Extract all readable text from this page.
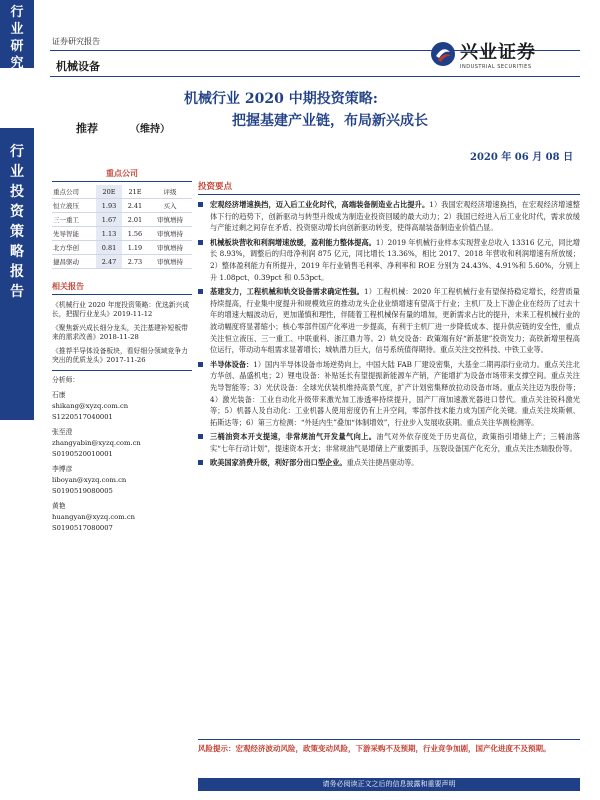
行
业
研
究
行
业
投
资
策
略
报
告
证券研究报告
机械设备
兴业证券
INDUSTRIAL SECURITIES
机械行业 2020 中期投资策略:
把握基建产业链，布局新兴成长
推荐	（维持）
2020 年 06 月 08 日
重点公司
重点公司	20E	21E	评级
恒立液压	1.93	2.41	买入
三一重工	1.67	2.01	审慎增持
先导智能	1.13	1.56	审慎增持
北方华创	0.81	1.19	审慎增持
捷昌驱动	2.47	2.73	审慎增持
相关报告

《机械行业 2020 年度投资策略：优选新兴成长，把握行业龙头》2019-11-12

《聚焦新兴成长细分龙头，关注基建补短板带来的需求改善》2018-11-28

《推荐半导体设备板块，看好细分领域竞争力突出的优质龙头》2017-11-26

分析师：
石康
shikang@xyzq.com.cn
S1220517040001
张至澄
zhangyabin@xyzq.com.cn
S0190520010001
李博彦
liboyan@xyzq.com.cn
S0190519080005
黄艳
huangyan@xyzq.com.cn
S0190517080007
投资要点
宏观经济增速换挡，迈入后工业化时代，高端装备制造业占比提升。1）我国宏观经济增速换挡，在宏观经济增速整体下行的趋势下，创新驱动与转型升级成为制造业投资回暖的最大动力；2）我国已经进入后工业化时代，需求放缓与产能过剩之间存在矛盾、投资驱动增长向创新驱动转变，使得高端装备制造业价值凸显。
机械板块营收和利润增速放缓，盈利能力整体提高。1）2019 年机械行业样本实现营业总收入 13316 亿元，同比增长 8.93%，调整后的归母净利润 875 亿元，同比增长 13.36%，相比 2017、2018 年营收和利润增速有所放缓；2）整体盈利能力有所提升，2019 年行业销售毛利率、净利率和 ROE 分别为 24.43%、4.91%和 5.60%，分别上升 1.08pct、0.39pct 和 0.53pct。
基建发力，工程机械和轨交设备需求确定性强。1）工程机械：2020 年工程机械行业有望保持稳定增长，经营质量持续提高，行业集中度提升和规模效应的推动龙头企业业绩增速有望高于行业；主机厂及上下游企业在经历了过去十年的增速大幅波动后，更加谨慎和理性，伴随着工程机械保有量的增加，更新需求占比的提升，未来工程机械行业的波动幅度将显著缩小；核心零部件国产化率进一步提高，有利于主机厂进一步降低成本、提升供应链的安全性，重点关注恒立液压、三一重工、中联重科、浙江鼎力等。2）轨交设备：政策端有好“新基建”投资发力；高铁新增里程高位运行，带动动车组需求显著增长；城轨潜力巨大，信号系统值得期待。重点关注交控科技、中铁工业等。
半导体设备：1）国内半导体设备市场逆势向上，中国大陆 FAB 厂建设密集，大基金二期再添行业动力。重点关注北方华创、晶盛机电；2）锂电设备：补贴延长有望提振新能源车产销，产能增扩为设备市场带来支撑空间。重点关注先导智能等；3）光伏设备：全球光伏装机维持高景气度，扩产计划密集释放拉动设备市场。重点关注迈为股份等；4）激光装备：工业自动化升级带来激光加工渗透率持续提升，国产厂商加速激光器进口替代。重点关注锐科激光等；5）机器人及自动化：工业机器人使用密度仍有上升空间，零部件技术能力成为国产化关键。重点关注埃斯顿、拓斯达等；6）第三方检测：“外延内生”叠加“体制增效”，行业步入发展收获期。重点关注华测检测等。
三桶油资本开支提速，非常规油气开发量气向上。油气对外依存度处于历史高位，政策指引增储上产；三桶油落实“七年行动计划”，提速资本开支；非常规油气是增储上产重要抓手，压裂设备国产化充分，重点关注杰瑞股份等。
欧美国家消费升级，利好部分出口型企业。重点关注捷昌驱动等。
风险提示：宏观经济波动风险，政策变动风险，下游采购不及预期，行业竞争加剧，国产化进度不及预期。
请务必阅读正文之后的信息披露和重要声明
